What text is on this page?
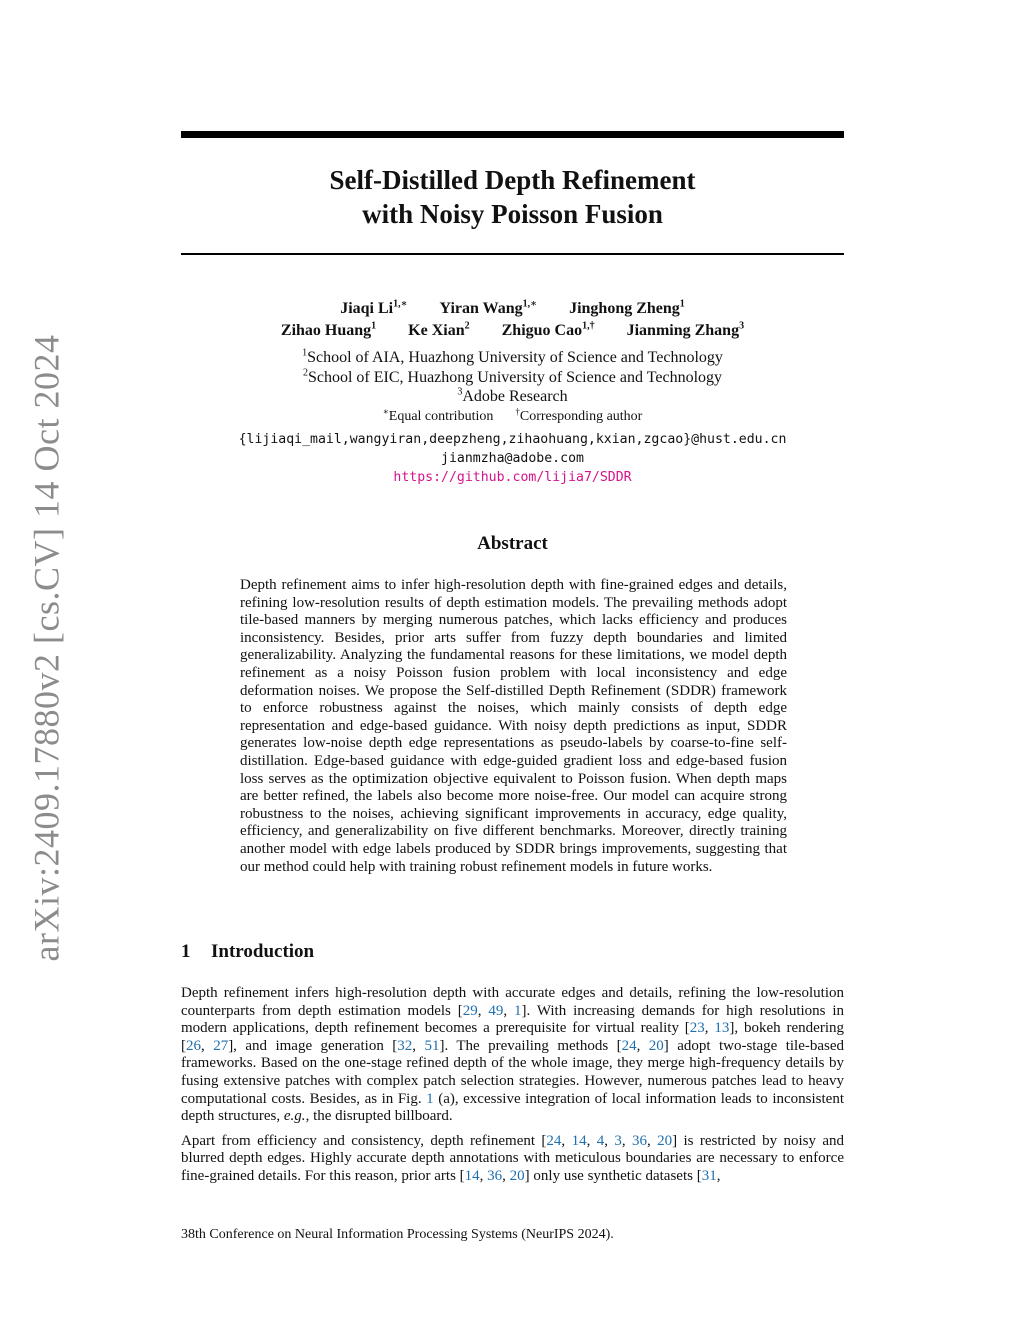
arXiv:2409.17880v2 [cs.CV] 14 Oct 2024
Self-Distilled Depth Refinement
with Noisy Poisson Fusion
Jiaqi $Li^{1,∗}$ Yiran Wang$^{1,∗}$ Jinghong Zheng$^1$
Zihao Huang$^1$ Ke Xian$^2$ Zhiguo Cao$^{1,\dagger}$ Jianming Zhang$^3$
$^1$School of AIA, Huazhong University of Science and Technology
$^2$School of EIC, Huazhong University of Science and Technology
$^3$Adobe Research
∗Equal contribution †Corresponding author
{lijiaqi_mail,wangyiran,deepzheng,zihaohuang,kxian,zgcao}@hust.edu.cn
jianmzha@adobe.com
https://github.com/lijia7/SDDR
Abstract
Depth refinement aims to infer high-resolution depth with fine-grained edges and details, refining low-resolution results of depth estimation models. The prevailing methods adopt tile-based manners by merging numerous patches, which lacks efficiency and produces inconsistency. Besides, prior arts suffer from fuzzy depth boundaries and limited generalizability. Analyzing the fundamental reasons for these limitations, we model depth refinement as a noisy Poisson fusion problem with local inconsistency and edge deformation noises. We propose the Self-distilled Depth Refinement (SDDR) framework to enforce robustness against the noises, which mainly consists of depth edge representation and edge-based guidance. With noisy depth predictions as input, SDDR generates low-noise depth edge representations as pseudo-labels by coarse-to-fine self-distillation. Edge-based guidance with edge-guided gradient loss and edge-based fusion loss serves as the optimization objective equivalent to Poisson fusion. When depth maps are better refined, the labels also become more noise-free. Our model can acquire strong robustness to the noises, achieving significant improvements in accuracy, edge quality, efficiency, and generalizability on five different benchmarks. Moreover, directly training another model with edge labels produced by SDDR brings improvements, suggesting that our method could help with training robust refinement models in future works.
1 Introduction

Depth refinement infers high-resolution depth with accurate edges and details, refining the low-resolution counterparts from depth estimation models [29, 49, 1]. With increasing demands for high resolutions in modern applications, depth refinement becomes a prerequisite for virtual reality [23, 13], bokeh rendering [26, 27], and image generation [32, 51]. The prevailing methods [24, 20] adopt two-stage tile-based frameworks. Based on the one-stage refined depth of the whole image, they merge high-frequency details by fusing extensive patches with complex patch selection strategies. However, numerous patches lead to heavy computational costs. Besides, as in Fig. 1 (a), excessive integration of local information leads to inconsistent depth structures, e.g., the disrupted billboard.

Apart from efficiency and consistency, depth refinement [24, 14, 4, 3, 36, 20] is restricted by noisy and blurred depth edges. Highly accurate depth annotations with meticulous boundaries are necessary to enforce fine-grained details. For this reason, prior arts [14, 36, 20] only use synthetic datasets [31,

38th Conference on Neural Information Processing Systems (NeurIPS 2024).
